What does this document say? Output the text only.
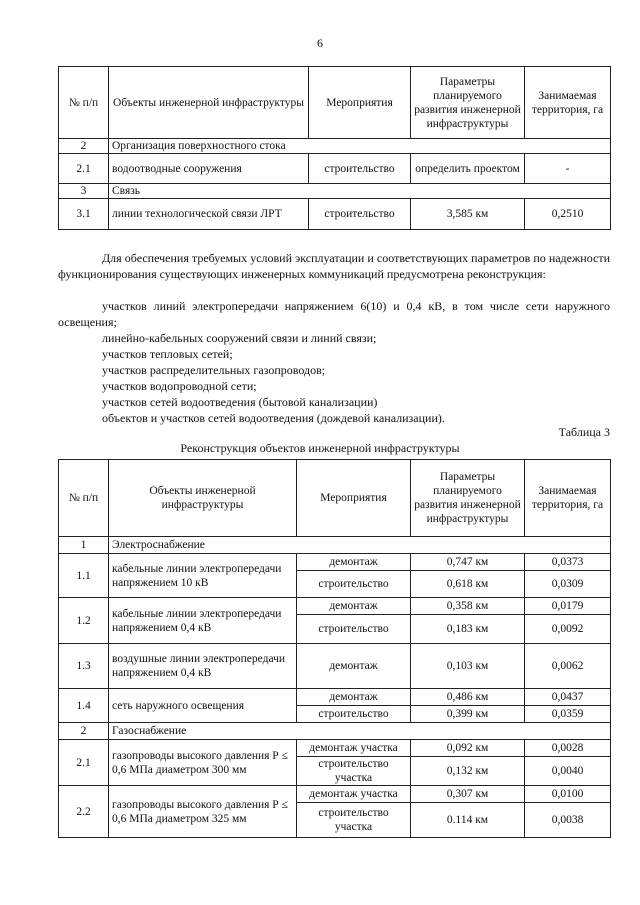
6
№ п/п	Объекты инженерной инфраструктуры	Мероприятия	Параметры планируемого развития инженерной инфраструктуры	Занимаемая территория, га
2	Организация поверхностного стока			
2.1	водоотводные сооружения	строительство	определить проектом	-
3	Связь			
3.1	линии технологической связи ЛРТ	строительство	3,585 км	0,2510
Для обеспечения требуемых условий эксплуатации и соответствующих параметров по надежности функционирования существующих инженерных коммуникаций предусмотрена реконструкция:
участков линий электропередачи напряжением 6(10) и 0,4 кВ, в том числе сети наружного освещения;
линейно-кабельных сооружений связи и линий связи;
участков тепловых сетей;
участков распределительных газопроводов;
участков водопроводной сети;
участков сетей водоотведения (бытовой канализации)
объектов и участков сетей водоотведения (дождевой канализации).
Таблица 3
Реконструкция объектов инженерной инфраструктуры
№ п/п	Объекты инженерной инфраструктуры	Мероприятия	Параметры планируемого развития инженерной инфраструктуры	Занимаемая территория, га
1	Электроснабжение			
1.1	кабельные линии электропередачи напряжением 10 кВ	демонтаж	0,747 км	0,0373
		строительство	0,618 км	0,0309
1.2	кабельные линии электропередачи напряжением 0,4 кВ	демонтаж	0,358 км	0,0179
		строительство	0,183 км	0,0092
1.3	воздушные линии электропередачи напряжением 0,4 кВ	демонтаж	0,103 км	0,0062
1.4	сеть наружного освещения	демонтаж	0,486 км	0,0437
		строительство	0,399 км	0,0359
2	Газоснабжение			
2.1	газопроводы высокого давления Р ≤ 0,6 МПа диаметром 300 мм	демонтаж участка	0,092 км	0,0028
		строительство участка	0,132 км	0,0040
2.2	газопроводы высокого давления Р ≤ 0,6 МПа диаметром 325 мм	демонтаж участка	0,307 км	0,0100
		строительство участка	0.114 км	0,0038
